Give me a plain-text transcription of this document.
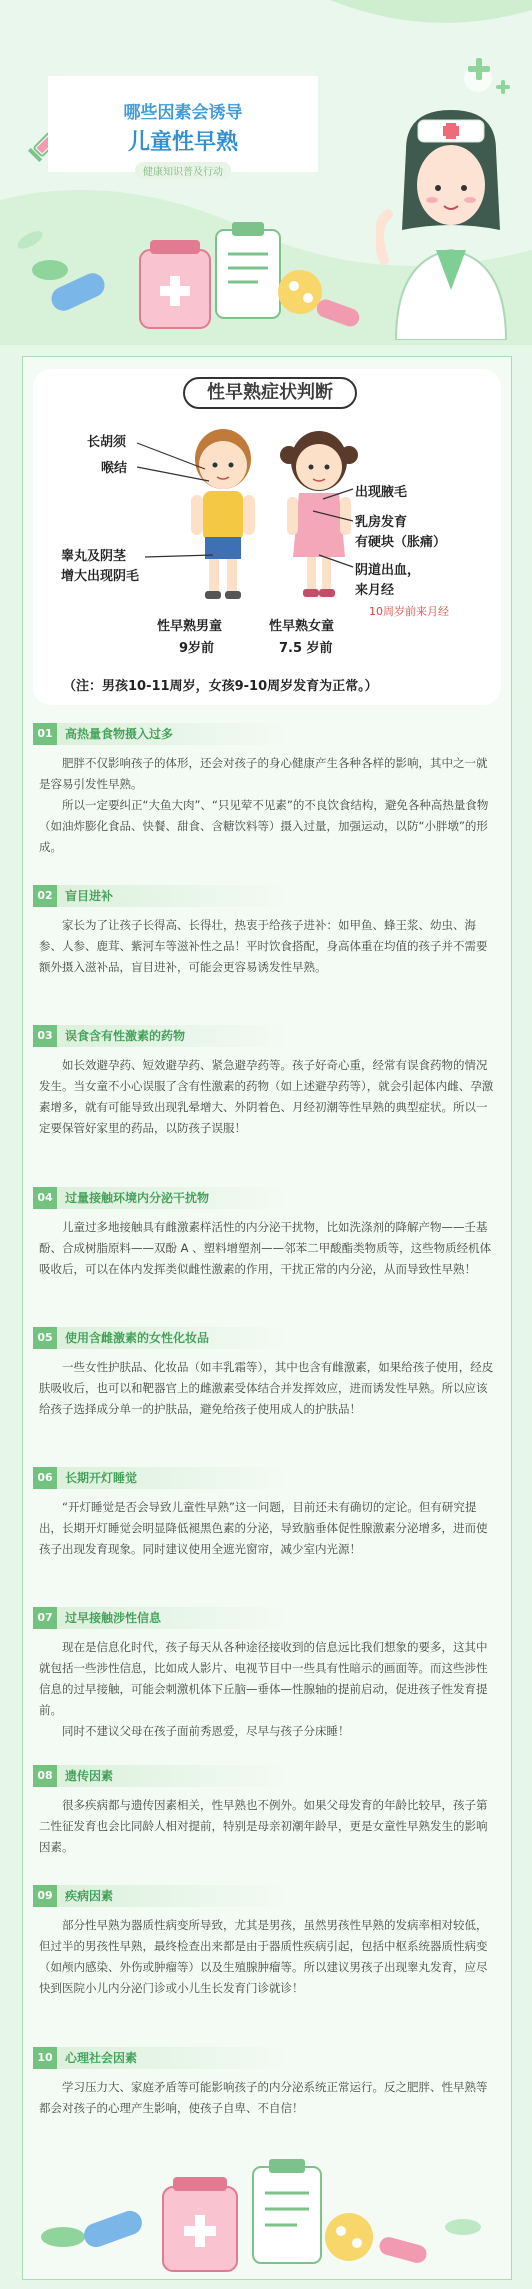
哪些因素会诱导
儿童性早熟
健康知识普及行动
性早熟症状判断
长胡须
喉结
睾丸及阴茎
增大出现阴毛
出现腋毛
乳房发育
有硬块（胀痛）
阴道出血，
来月经
10周岁前来月经
性早熟男童
9岁前
性早熟女童
7.5 岁前
（注：男孩10-11周岁，女孩9-10周岁发育为正常。）
01	高热量食物摄入过多

肥胖不仅影响孩子的体形，还会对孩子的身心健康产生各种各样的影响，其中之一就是容易引发性早熟。

所以一定要纠正“大鱼大肉”、“只见荤不见素”的不良饮食结构，避免各种高热量食物（如油炸膨化食品、快餐、甜食、含糖饮料等）摄入过量，加强运动，以防“小胖墩”的形成。

02	盲目进补

家长为了让孩子长得高、长得壮，热衷于给孩子进补：如甲鱼、蜂王浆、幼虫、海参、人参、鹿茸、紫河车等滋补性之品！平时饮食搭配，身高体重在均值的孩子并不需要额外摄入滋补品，盲目进补，可能会更容易诱发性早熟。

03	误食含有性激素的药物

如长效避孕药、短效避孕药、紧急避孕药等。孩子好奇心重，经常有误食药物的情况发生。当女童不小心误服了含有性激素的药物（如上述避孕药等），就会引起体内雌、孕激素增多，就有可能导致出现乳晕增大、外阴着色、月经初潮等性早熟的典型症状。所以一定要保管好家里的药品，以防孩子误服！

04	过量接触环境内分泌干扰物

儿童过多地接触具有雌激素样活性的内分泌干扰物，比如洗涤剂的降解产物——壬基酚、合成树脂原料——双酚 A 、塑料增塑剂——邻苯二甲酸酯类物质等，这些物质经机体吸收后，可以在体内发挥类似雌性激素的作用，干扰正常的内分泌，从而导致性早熟！

05	使用含雌激素的女性化妆品

一些女性护肤品、化妆品（如丰乳霜等），其中也含有雌激素，如果给孩子使用，经皮肤吸收后，也可以和靶器官上的雌激素受体结合并发挥效应，进而诱发性早熟。所以应该给孩子选择成分单一的护肤品，避免给孩子使用成人的护肤品！

06	长期开灯睡觉

“开灯睡觉是否会导致儿童性早熟”这一问题，目前还未有确切的定论。但有研究提出，长期开灯睡觉会明显降低褪黑色素的分泌，导致脑垂体促性腺激素分泌增多，进而使孩子出现发育现象。同时建议使用全遮光窗帘，减少室内光源！

07	过早接触涉性信息

现在是信息化时代，孩子每天从各种途径接收到的信息远比我们想象的要多，这其中就包括一些涉性信息，比如成人影片、电视节目中一些具有性暗示的画面等。而这些涉性信息的过早接触，可能会刺激机体下丘脑—垂体—性腺轴的提前启动，促进孩子性发育提前。

同时不建议父母在孩子面前秀恩爱，尽早与孩子分床睡！

08	遗传因素

很多疾病都与遗传因素相关，性早熟也不例外。如果父母发育的年龄比较早，孩子第二性征发育也会比同龄人相对提前，特别是母亲初潮年龄早，更是女童性早熟发生的影响因素。

09	疾病因素

部分性早熟为器质性病变所导致，尤其是男孩，虽然男孩性早熟的发病率相对较低，但过半的男孩性早熟，最终检查出来都是由于器质性疾病引起，包括中枢系统器质性病变（如颅内感染、外伤或肿瘤等）以及生殖腺肿瘤等。所以建议男孩子出现睾丸发育，应尽快到医院小儿内分泌门诊或小儿生长发育门诊就诊！

10	心理社会因素

学习压力大、家庭矛盾等可能影响孩子的内分泌系统正常运行。反之肥胖、性早熟等都会对孩子的心理产生影响，使孩子自卑、不自信！
